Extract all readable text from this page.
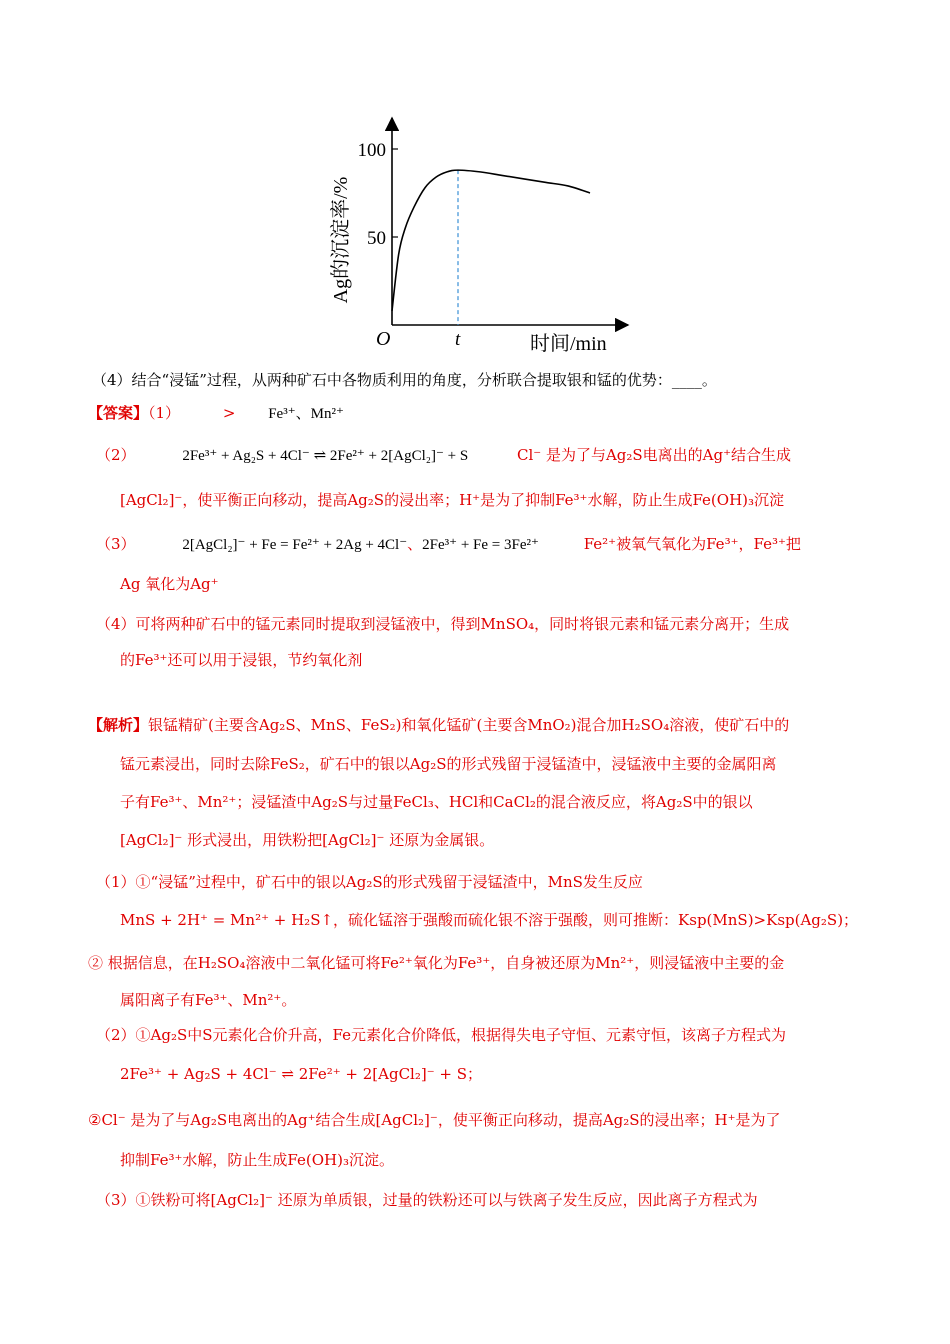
50
100
O	t	时间/min
Ag的沉淀率/%
（4）结合“浸锰”过程，从两种矿石中各物质利用的角度，分析联合提取银和锰的优势：____。
【答案】（1）	> Fe³⁺、Mn²⁺
（2）	2Fe³⁺ + Ag₂S + 4Cl⁻ ⇌ 2Fe²⁺ + 2[AgCl₂]⁻ + S	Cl⁻ 是为了与Ag₂S电离出的Ag⁺结合生成
[AgCl₂]⁻，使平衡正向移动，提高Ag₂S的浸出率；H⁺是为了抑制Fe³⁺水解，防止生成Fe(OH)₃沉淀
（3）	2[AgCl₂]⁻ + Fe = Fe²⁺ + 2Ag + 4Cl⁻、2Fe³⁺ + Fe = 3Fe²⁺	Fe²⁺被氧气氧化为Fe³⁺，Fe³⁺把
Ag 氧化为Ag⁺
（4）可将两种矿石中的锰元素同时提取到浸锰液中，得到MnSO₄，同时将银元素和锰元素分离开；生成
的Fe³⁺还可以用于浸银，节约氧化剂
【解析】银锰精矿(主要含Ag₂S、MnS、FeS₂)和氧化锰矿(主要含MnO₂)混合加H₂SO₄溶液，使矿石中的
锰元素浸出，同时去除FeS₂，矿石中的银以Ag₂S的形式残留于浸锰渣中，浸锰液中主要的金属阳离
子有Fe³⁺、Mn²⁺；浸锰渣中Ag₂S与过量FeCl₃、HCl和CaCl₂的混合液反应，将Ag₂S中的银以
[AgCl₂]⁻ 形式浸出，用铁粉把[AgCl₂]⁻ 还原为金属银。
（1）①“浸锰”过程中，矿石中的银以Ag₂S的形式残留于浸锰渣中，MnS发生反应
MnS + 2H⁺ = Mn²⁺ + H₂S↑，硫化锰溶于强酸而硫化银不溶于强酸，则可推断：Ksp(MnS)>Ksp(Ag₂S)；
② 根据信息，在H₂SO₄溶液中二氧化锰可将Fe²⁺氧化为Fe³⁺，自身被还原为Mn²⁺，则浸锰液中主要的金
属阳离子有Fe³⁺、Mn²⁺。
（2）①Ag₂S中S元素化合价升高，Fe元素化合价降低，根据得失电子守恒、元素守恒，该离子方程式为
2Fe³⁺ + Ag₂S + 4Cl⁻ ⇌ 2Fe²⁺ + 2[AgCl₂]⁻ + S；
②Cl⁻ 是为了与Ag₂S电离出的Ag⁺结合生成[AgCl₂]⁻，使平衡正向移动，提高Ag₂S的浸出率；H⁺是为了
抑制Fe³⁺水解，防止生成Fe(OH)₃沉淀。
（3）①铁粉可将[AgCl₂]⁻ 还原为单质银，过量的铁粉还可以与铁离子发生反应，因此离子方程式为
